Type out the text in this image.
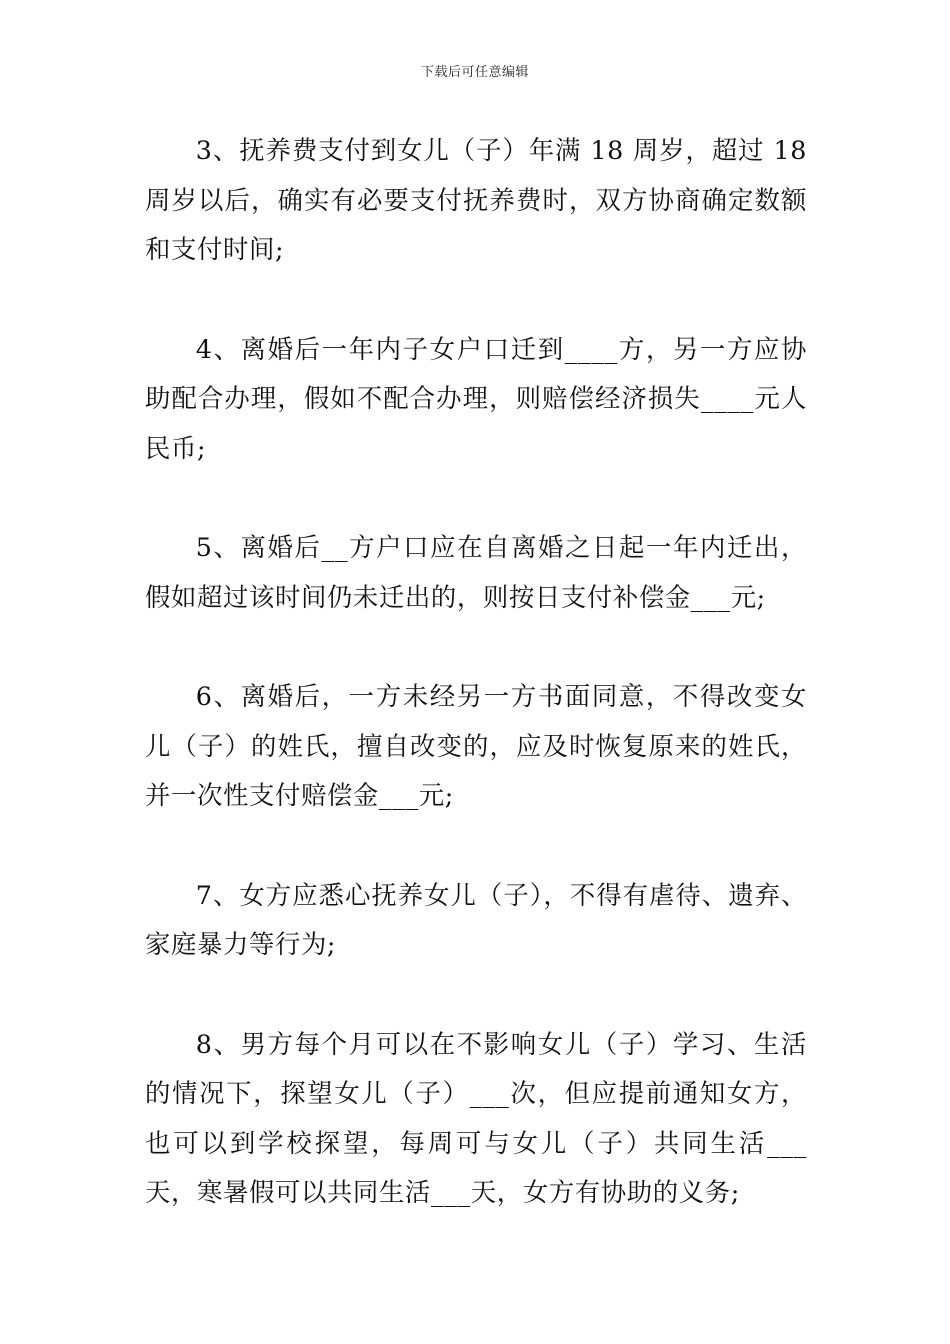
下载后可任意编辑

3、抚养费支付到女儿（子）年满 18 周岁，超过 18 周岁以后，确实有必要支付抚养费时，双方协商确定数额和支付时间;

4、离婚后一年内子女户口迁到____方，另一方应协助配合办理，假如不配合办理，则赔偿经济损失____元人民币;

5、离婚后__方户口应在自离婚之日起一年内迁出，假如超过该时间仍未迁出的，则按日支付补偿金___元;

6、离婚后，一方未经另一方书面同意，不得改变女儿（子）的姓氏，擅自改变的，应及时恢复原来的姓氏，并一次性支付赔偿金___元;

7、女方应悉心抚养女儿（子），不得有虐待、遗弃、家庭暴力等行为;

8、男方每个月可以在不影响女儿（子）学习、生活的情况下，探望女儿（子）___次，但应提前通知女方，也可以到学校探望，每周可与女儿（子）共同生活___天，寒暑假可以共同生活___天，女方有协助的义务;
